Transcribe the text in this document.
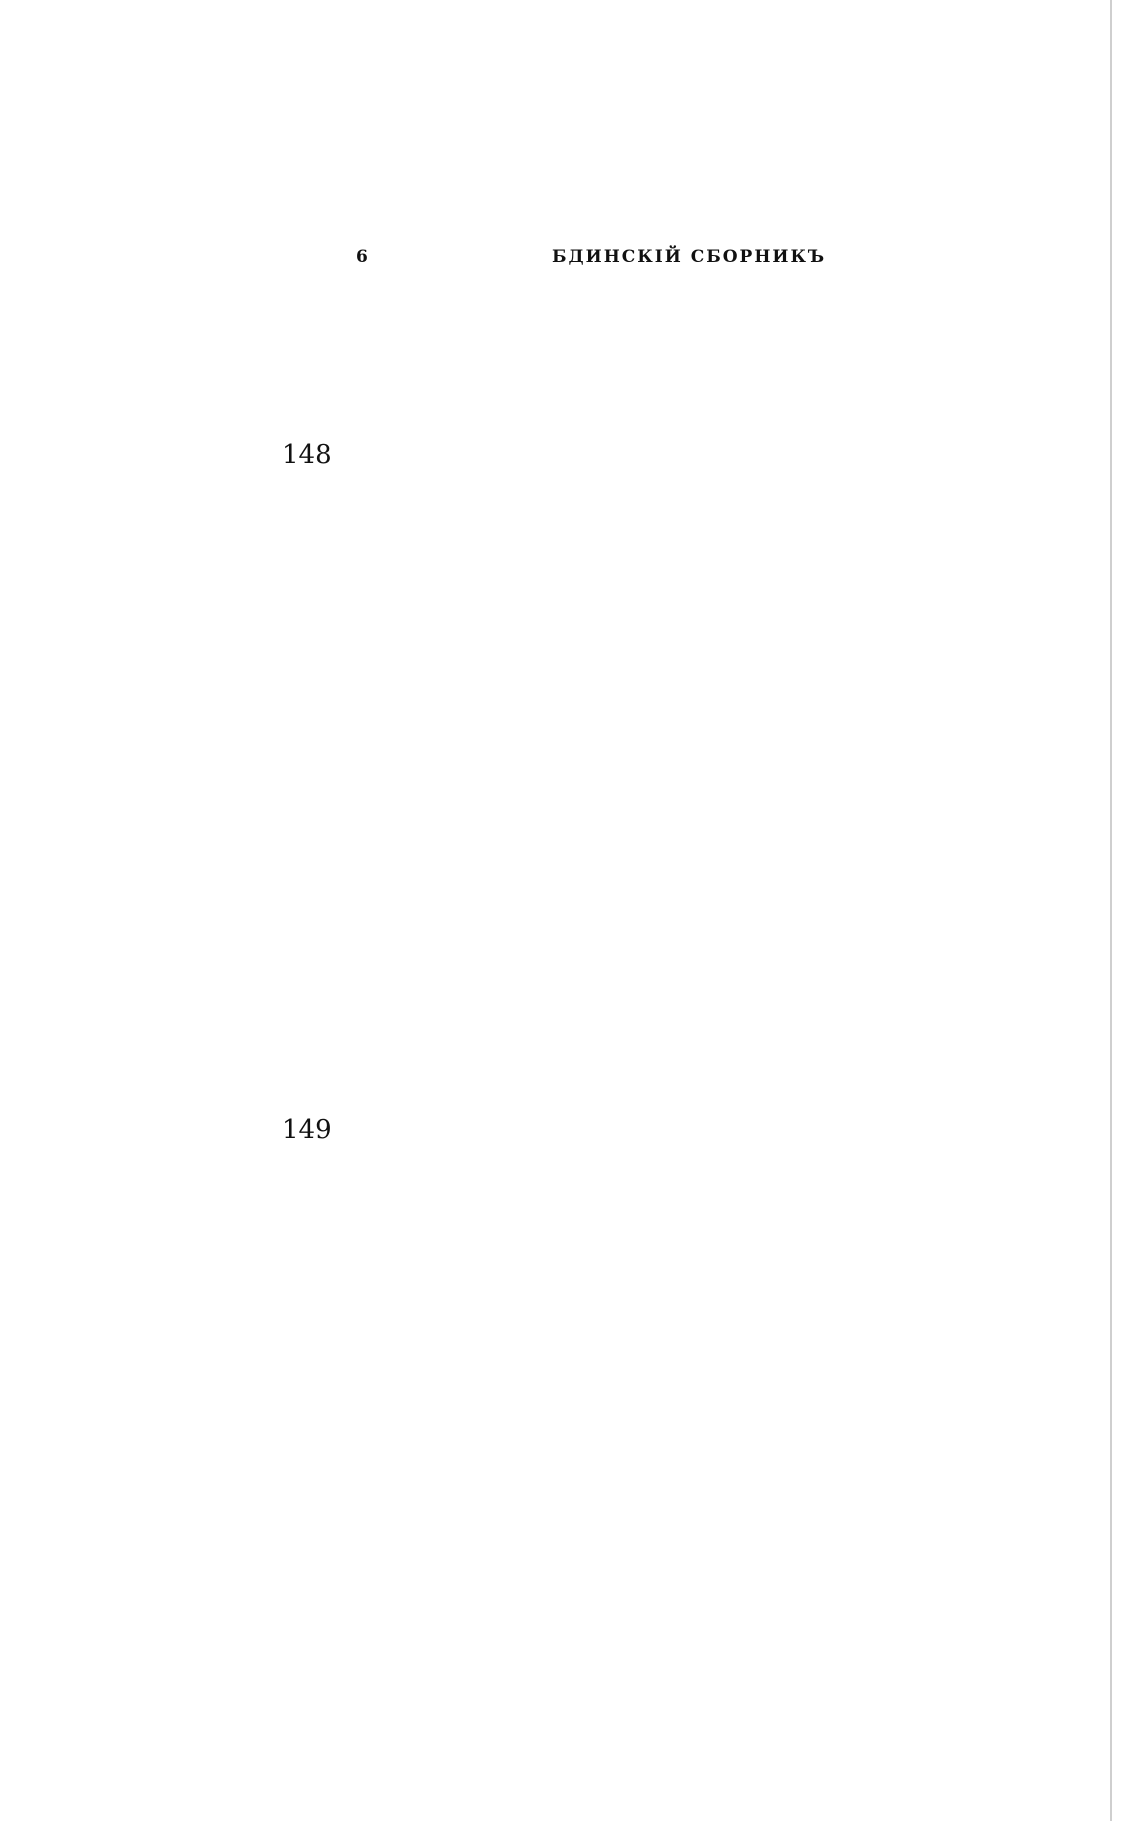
6	БДИНСКІЙ СБОРНИКЪ
148
149
